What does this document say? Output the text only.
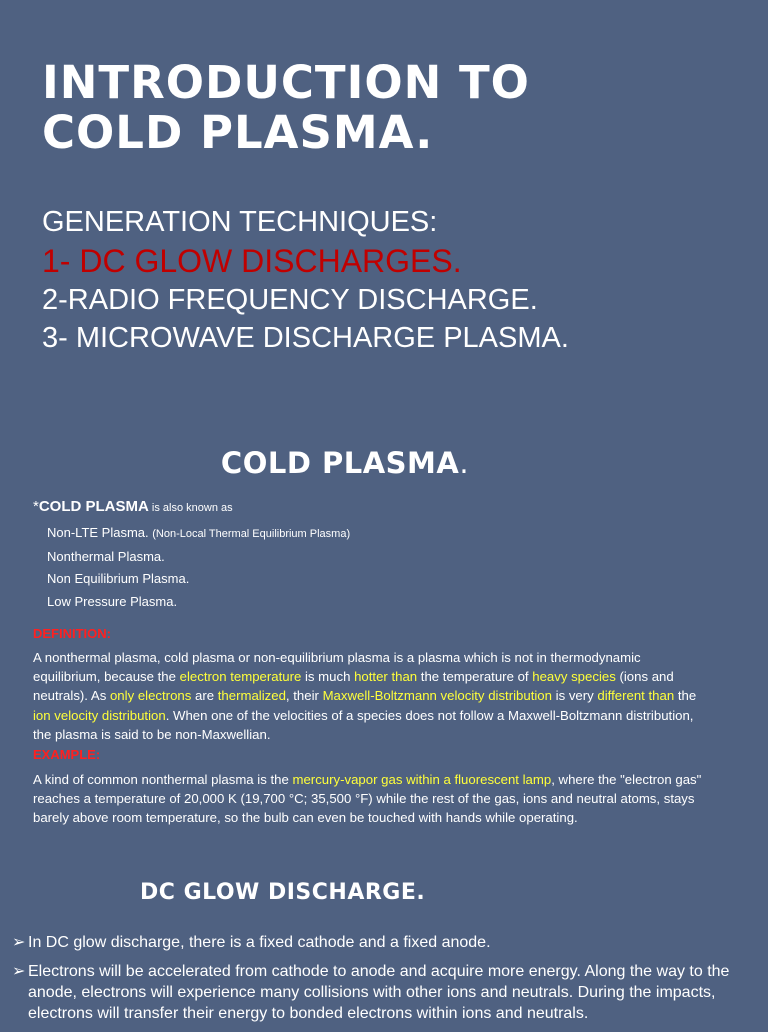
INTRODUCTION TO
COLD PLASMA.
GENERATION TECHNIQUES:
1- DC GLOW DISCHARGES.
2-RADIO FREQUENCY DISCHARGE.
3- MICROWAVE DISCHARGE PLASMA.
COLD PLASMA.
*COLD PLASMA is also known as
Non-LTE Plasma. (Non-Local Thermal Equilibrium Plasma)
Nonthermal Plasma.
Non Equilibrium Plasma.
Low Pressure Plasma.
DEFINITION:
A nonthermal plasma, cold plasma or non-equilibrium plasma is a plasma which is not in thermodynamic equilibrium, because the electron temperature is much hotter than the temperature of heavy species (ions and neutrals). As only electrons are thermalized, their Maxwell-Boltzmann velocity distribution is very different than the ion velocity distribution. When one of the velocities of a species does not follow a Maxwell-Boltzmann distribution, the plasma is said to be non-Maxwellian.
EXAMPLE:
A kind of common nonthermal plasma is the mercury-vapor gas within a fluorescent lamp, where the "electron gas" reaches a temperature of 20,000 K (19,700 °C; 35,500 °F) while the rest of the gas, ions and neutral atoms, stays barely above room temperature, so the bulb can even be touched with hands while operating.
DC GLOW DISCHARGE.
➢ In DC glow discharge, there is a fixed cathode and a fixed anode.
➢ Electrons will be accelerated from cathode to anode and acquire more energy. Along the way to the anode, electrons will experience many collisions with other ions and neutrals. During the impacts, electrons will transfer their energy to bonded electrons within ions and neutrals.
